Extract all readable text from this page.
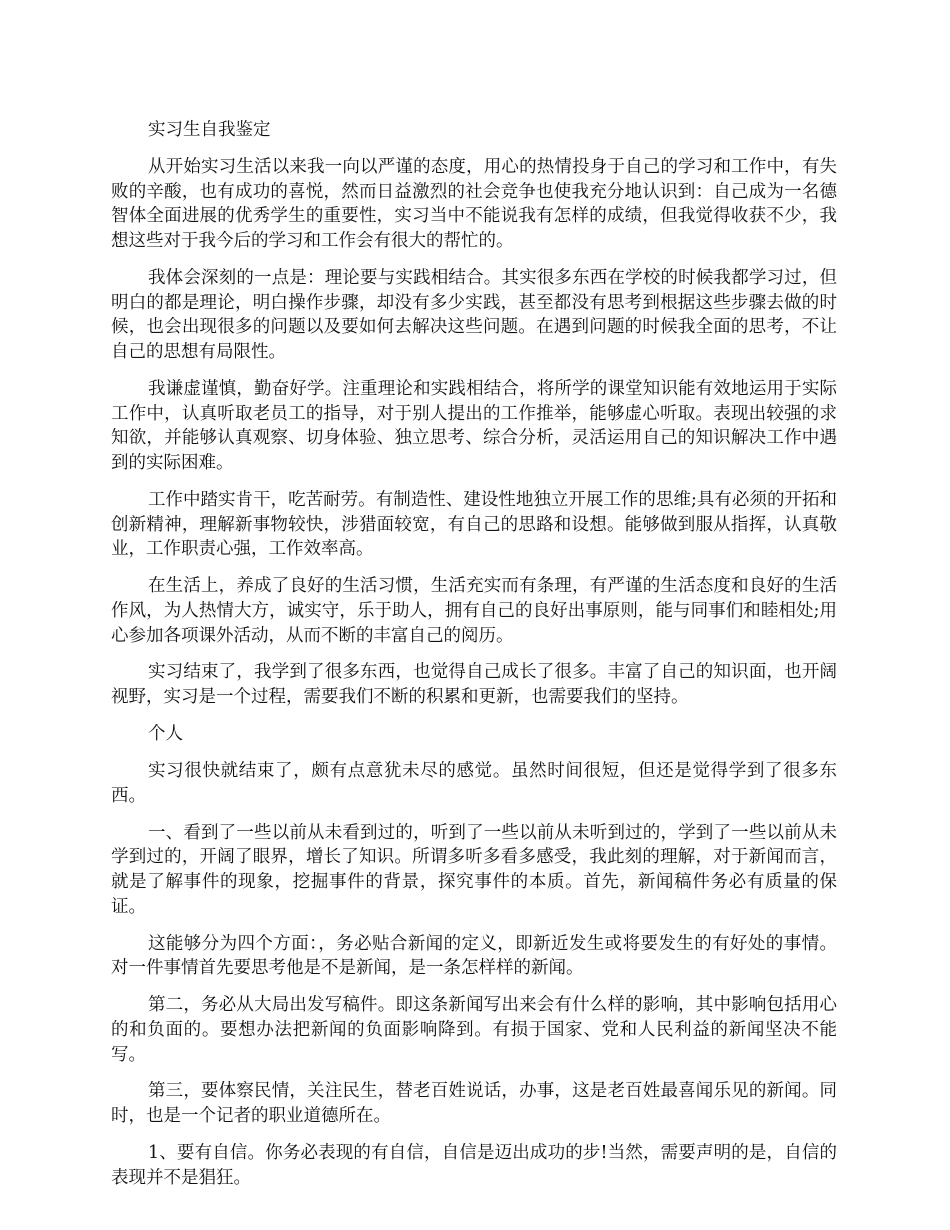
实习生自我鉴定

从开始实习生活以来我一向以严谨的态度，用心的热情投身于自己的学习和工作中，有失败的辛酸，也有成功的喜悦，然而日益激烈的社会竞争也使我充分地认识到：自己成为一名德智体全面进展的优秀学生的重要性，实习当中不能说我有怎样的成绩，但我觉得收获不少，我想这些对于我今后的学习和工作会有很大的帮忙的。

我体会深刻的一点是：理论要与实践相结合。其实很多东西在学校的时候我都学习过，但明白的都是理论，明白操作步骤，却没有多少实践，甚至都没有思考到根据这些步骤去做的时候，也会出现很多的问题以及要如何去解决这些问题。在遇到问题的时候我全面的思考，不让自己的思想有局限性。

我谦虚谨慎，勤奋好学。注重理论和实践相结合，将所学的课堂知识能有效地运用于实际工作中，认真听取老员工的指导，对于别人提出的工作推举，能够虚心听取。表现出较强的求知欲，并能够认真观察、切身体验、独立思考、综合分析，灵活运用自己的知识解决工作中遇到的实际困难。

工作中踏实肯干，吃苦耐劳。有制造性、建设性地独立开展工作的思维;具有必须的开拓和创新精神，理解新事物较快，涉猎面较宽，有自己的思路和设想。能够做到服从指挥，认真敬业，工作职责心强，工作效率高。

在生活上，养成了良好的生活习惯，生活充实而有条理，有严谨的生活态度和良好的生活作风，为人热情大方，诚实守，乐于助人，拥有自己的良好出事原则，能与同事们和睦相处;用心参加各项课外活动，从而不断的丰富自己的阅历。

实习结束了，我学到了很多东西，也觉得自己成长了很多。丰富了自己的知识面，也开阔视野，实习是一个过程，需要我们不断的积累和更新，也需要我们的坚持。

个人

实习很快就结束了，颇有点意犹未尽的感觉。虽然时间很短，但还是觉得学到了很多东西。

一、看到了一些以前从未看到过的，听到了一些以前从未听到过的，学到了一些以前从未学到过的，开阔了眼界，增长了知识。所谓多听多看多感受，我此刻的理解，对于新闻而言，就是了解事件的现象，挖掘事件的背景，探究事件的本质。首先，新闻稿件务必有质量的保证。

这能够分为四个方面：，务必贴合新闻的定义，即新近发生或将要发生的有好处的事情。对一件事情首先要思考他是不是新闻，是一条怎样样的新闻。

第二，务必从大局出发写稿件。即这条新闻写出来会有什么样的影响，其中影响包括用心的和负面的。要想办法把新闻的负面影响降到。有损于国家、党和人民利益的新闻坚决不能写。

第三，要体察民情，关注民生，替老百姓说话，办事，这是老百姓最喜闻乐见的新闻。同时，也是一个记者的职业道德所在。

1、要有自信。你务必表现的有自信，自信是迈出成功的步!当然，需要声明的是，自信的表现并不是猖狂。
